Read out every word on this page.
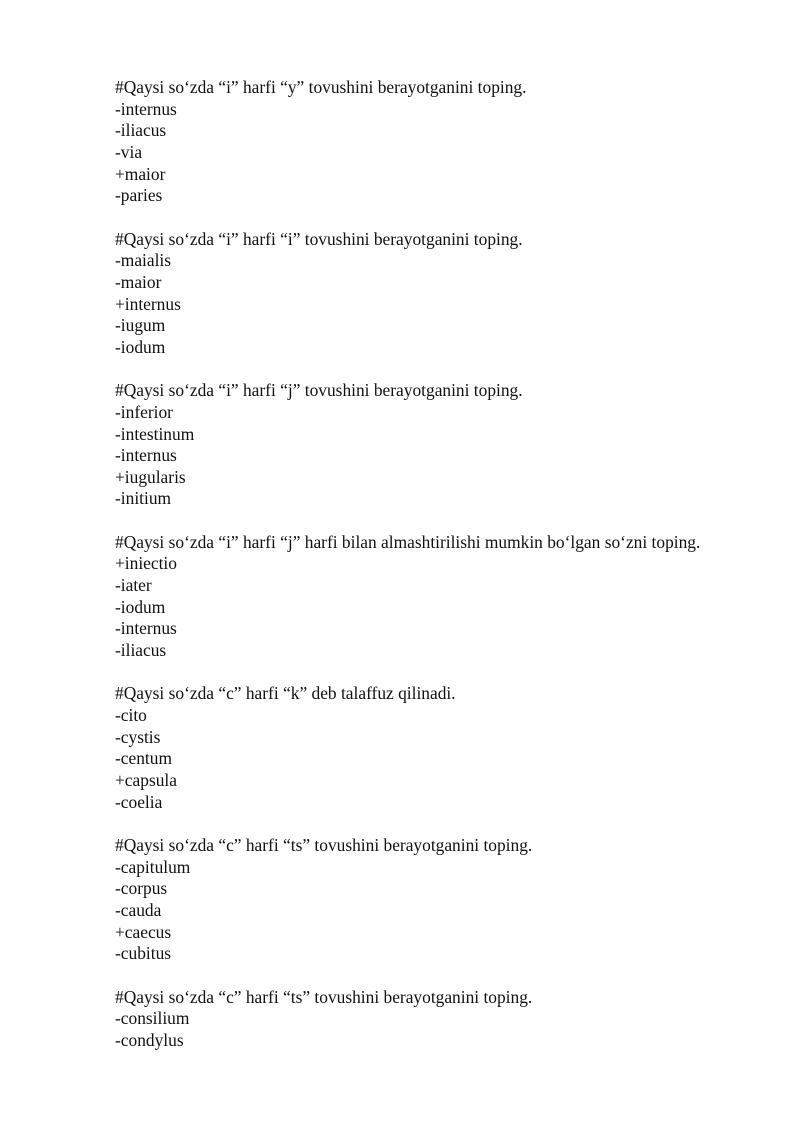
#Qaysi so‘zda “i” harfi “y” tovushini berayotganini toping.
-internus
-iliacus
-via
+maior
-paries
#Qaysi so‘zda “i” harfi “i” tovushini berayotganini toping.
-maialis
-maior
+internus
-iugum
-iodum
#Qaysi so‘zda “i” harfi “j” tovushini berayotganini toping.
-inferior
-intestinum
-internus
+iugularis
-initium
#Qaysi so‘zda “i” harfi “j” harfi bilan almashtirilishi mumkin bo‘lgan so‘zni toping.
+iniectio
-iater
-iodum
-internus
-iliacus
#Qaysi so‘zda “c” harfi “k” deb talaffuz qilinadi.
-cito
-cystis
-centum
+capsula
-coelia
#Qaysi so‘zda “c” harfi “ts” tovushini berayotganini toping.
-capitulum
-corpus
-cauda
+caecus
-cubitus
#Qaysi so‘zda “c” harfi “ts” tovushini berayotganini toping.
-consilium
-condylus
